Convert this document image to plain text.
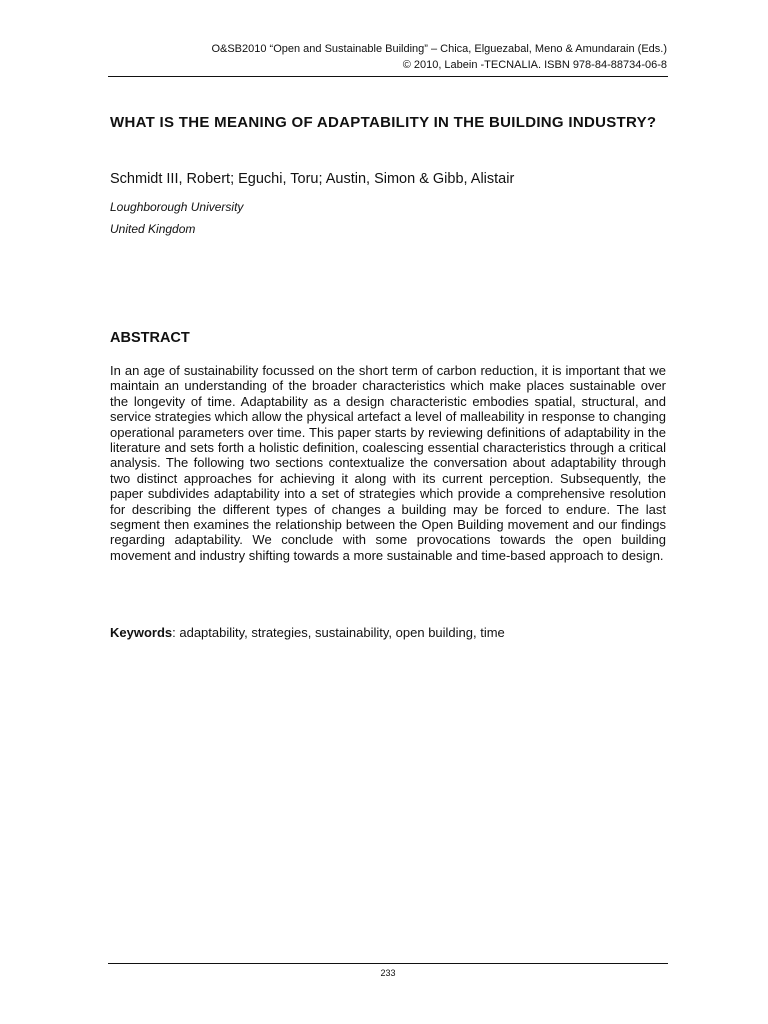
O&SB2010 “Open and Sustainable Building” – Chica, Elguezabal, Meno & Amundarain (Eds.)
© 2010, Labein -TECNALIA. ISBN 978-84-88734-06-8
WHAT IS THE MEANING OF ADAPTABILITY IN THE BUILDING INDUSTRY?

Schmidt III, Robert; Eguchi, Toru; Austin, Simon & Gibb, Alistair

Loughborough University
United Kingdom
ABSTRACT

In an age of sustainability focussed on the short term of carbon reduction, it is important that we maintain an understanding of the broader characteristics which make places sustainable over the longevity of time. Adaptability as a design characteristic embodies spatial, structural, and service strategies which allow the physical artefact a level of malleability in response to changing operational parameters over time. This paper starts by reviewing definitions of adaptability in the literature and sets forth a holistic definition, coalescing essential characteristics through a critical analysis. The following two sections contextualize the conversation about adaptability through two distinct approaches for achieving it along with its current perception. Subsequently, the paper subdivides adaptability into a set of strategies which provide a comprehensive resolution for describing the different types of changes a building may be forced to endure. The last segment then examines the relationship between the Open Building movement and our findings regarding adaptability. We conclude with some provocations towards the open building movement and industry shifting towards a more sustainable and time-based approach to design.

Keywords: adaptability, strategies, sustainability, open building, time

233
